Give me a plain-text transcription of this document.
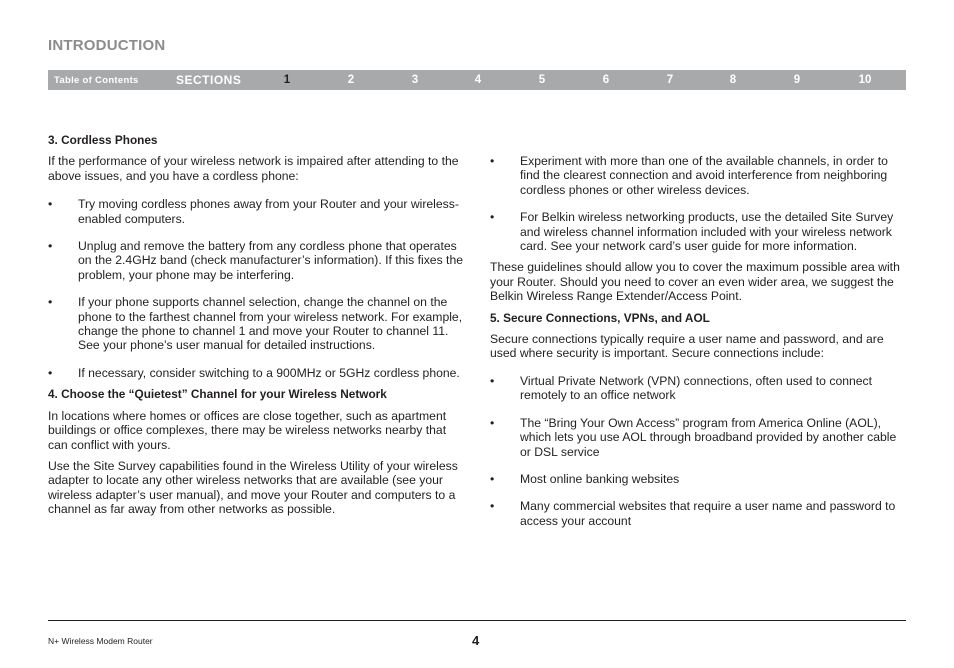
INTRODUCTION
Table of Contents	SECTIONS	1	2	3	4	5	6	7	8	9	10
3. Cordless Phones

If the performance of your wireless network is impaired after attending to the above issues, and you have a cordless phone:

• Try moving cordless phones away from your Router and your wireless-enabled computers.
• Unplug and remove the battery from any cordless phone that operates on the 2.4GHz band (check manufacturer’s information). If this fixes the problem, your phone may be interfering.
• If your phone supports channel selection, change the channel on the phone to the farthest channel from your wireless network. For example, change the phone to channel 1 and move your Router to channel 11. See your phone’s user manual for detailed instructions.
• If necessary, consider switching to a 900MHz or 5GHz cordless phone.
4. Choose the “Quietest” Channel for your Wireless Network

In locations where homes or offices are close together, such as apartment buildings or office complexes, there may be wireless networks nearby that can conflict with yours.

Use the Site Survey capabilities found in the Wireless Utility of your wireless adapter to locate any other wireless networks that are available (see your wireless adapter’s user manual), and move your Router and computers to a channel as far away from other networks as possible.

• Experiment with more than one of the available channels, in order to find the clearest connection and avoid interference from neighboring cordless phones or other wireless devices.
• For Belkin wireless networking products, use the detailed Site Survey and wireless channel information included with your wireless network card. See your network card’s user guide for more information.

These guidelines should allow you to cover the maximum possible area with your Router. Should you need to cover an even wider area, we suggest the Belkin Wireless Range Extender/Access Point.

5. Secure Connections, VPNs, and AOL

Secure connections typically require a user name and password, and are used where security is important. Secure connections include:

• Virtual Private Network (VPN) connections, often used to connect remotely to an office network
• The “Bring Your Own Access” program from America Online (AOL), which lets you use AOL through broadband provided by another cable or DSL service
• Most online banking websites
• Many commercial websites that require a user name and password to access your account
N+ Wireless Modem Router	4
